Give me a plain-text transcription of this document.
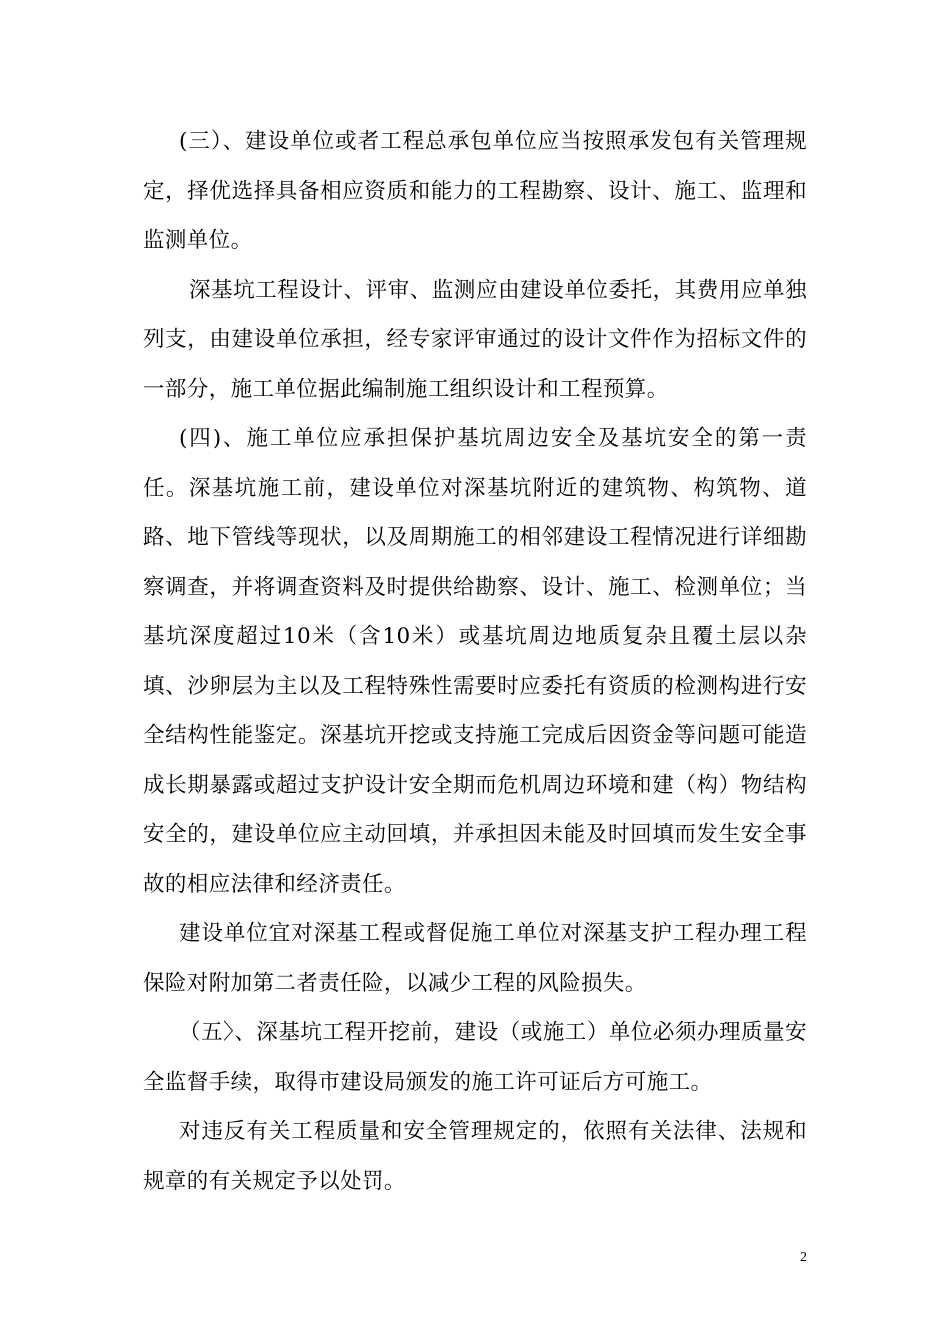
(三）、建设单位或者工程总承包单位应当按照承发包有关管理规定，择优选择具备相应资质和能力的工程勘察、设计、施工、监理和监测单位。

深基坑工程设计、评审、监测应由建设单位委托，其费用应单独列支，由建设单位承担，经专家评审通过的设计文件作为招标文件的一部分，施工单位据此编制施工组织设计和工程预算。

(四)、施工单位应承担保护基坑周边安全及基坑安全的第一责任。深基坑施工前，建设单位对深基坑附近的建筑物、构筑物、道路、地下管线等现状，以及周期施工的相邻建设工程情况进行详细勘察调查，并将调查资料及时提供给勘察、设计、施工、检测单位；当基坑深度超过10米（含10米）或基坑周边地质复杂且覆土层以杂填、沙卵层为主以及工程特殊性需要时应委托有资质的检测构进行安全结构性能鉴定。深基坑开挖或支持施工完成后因资金等问题可能造成长期暴露或超过支护设计安全期而危机周边环境和建（构）物结构安全的，建设单位应主动回填，并承担因未能及时回填而发生安全事故的相应法律和经济责任。

建设单位宜对深基工程或督促施工单位对深基支护工程办理工程保险对附加第二者责任险，以减少工程的风险损失。

（五〉、深基坑工程开挖前，建设（或施工）单位必须办理质量安全监督手续，取得市建设局颁发的施工许可证后方可施工。

对违反有关工程质量和安全管理规定的，依照有关法律、法规和规章的有关规定予以处罚。

2
